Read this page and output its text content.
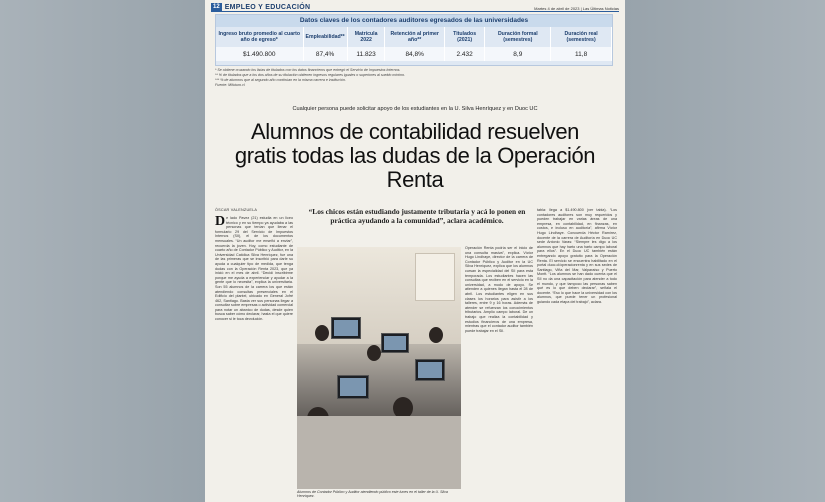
12 EMPLEO Y EDUCACIÓN	Martes 4 de abril de 2023 | Las Últimas Noticias
Datos claves de los contadores auditores egresados de las universidades
Ingreso bruto promedio al cuarto año de egreso*	Empleabilidad**	Matrícula 2022	Retención al primer año**	Titulados (2021)	Duración formal (semestres)	Duración real (semestres)
$1.490.800	87,4%	11.823	84,8%	2.432	8,9	11,8
* Se obtiene cruzando los listas de titulados con los datos financieros que entregó el Servicio de Impuestos Internos.
** % de titulados que a los dos años de su titulación obtienen ingresos regulares iguales o superiores al sueldo mínimo.
*** % de alumnos que al segundo año continúan en la misma carrera e institución.
Fuente: Mifuturo.cl
Cualquier persona puede solicitar apoyo de los estudiantes en la U. Silva Henríquez y en Duoc UC
Alumnos de contabilidad resuelven gratis todas las dudas de la Operación Renta
ÓSCAR VALENZUELA
D e lado Pavez (21) estudia en un liceo técnico y en su tiempo ya ayudaba a las personas que tenían que llenar el formulario 29 del Servicio de Impuestos Internos (SII), el de los documentos mensuales. “Un auditor me enseñó a enviar”, recuerda la joven. Hoy, como estudiante de cuarto año de Contador Público y Auditor, en la Universidad Católica Silva Henríquez, fue una de las primeras que se inscribió para darle su ayuda a cualquier tipo de medida, que tenga dudas con la Operación Renta 2023, que ya inició en el mes de abril. “Decidí inscribirme porque me ayuda a experienciar y ayudar a la gente que lo necesita”, explica la universitaria. Son 55 alumnos de la carrera los que están atendiendo consultas presenciales en el Edificio del plantel, ubicado en General Jofré 462, Santiago. Basta ver sus personas llegar a consultar sobre empresas o actividad comercial para notar un abanico de dudas, desde quien busca saber cómo declarar, hasta el que quiere conocer si le toca devolución.
“Los chicos están estudiando justamente tributaria y acá lo ponen en práctica ayudando a la comunidad”, aclara académico.
Alumnos de Contador Público y Auditor atendiendo público este lunes en el taller de la U. Silva Henríquez.
Operación Renta podría ser el inicio de una consulta masiva”, explica. Víctor Hugo Lindhaye, director de la carrera de Contador Público y Auditor en la UC Silva Henríquez, explica que los alumnos cursan la especialidad del SII para esta temporada. Los estudiantes hacen las consultas que reciben en el servicio en la universidad, a modo de apoyo. Se atienden a quienes llegan hasta el 28 de abril. Los estudiantes eligen en sus clases los horarios para asistir a los talleres, entre 9 y 16 horas. Además de atender se refuerzan los conocimientos tributarios. Amplio campo laboral. De un trabajo que realiza la contabilidad y estudios financieros de una empresa, mientras que el contador auditor también puede trabajar en el SII.
tabla: llega a $1.490.800 (ver tabla). “Los contadores auditores son muy requeridos y pueden trabajar en varias áreas de una empresa, en contabilidad, en finanzas, en costos, e incluso en auditoría”, afirma Víctor Hugo Lindhaye. Concuerda Héctor Ramírez, docente de la carrera de Auditoría en Duoc UC sede Antonio Varas: “Siempre les digo a los alumnos que hay harto una harto campo laboral para ellos”. En el Duoc UC también están entregando apoyo gratuito para la Operación Renta. El servicio se encuentra habilitado en el portal duoc.cl/operacionrenta y en sus sedes de Santiago, Viña del Mar, Valparaíso y Puerto Montt. “Los alumnos se han dado cuenta que el SII no da una capacitación para atender a todo el mundo, y que tampoco las personas saben qué es lo que deben declarar”, señala el docente. “Eso lo que hace la universidad con los alumnos, que puede tener un profesional guiando cada etapa del trabajo”, aclara.
